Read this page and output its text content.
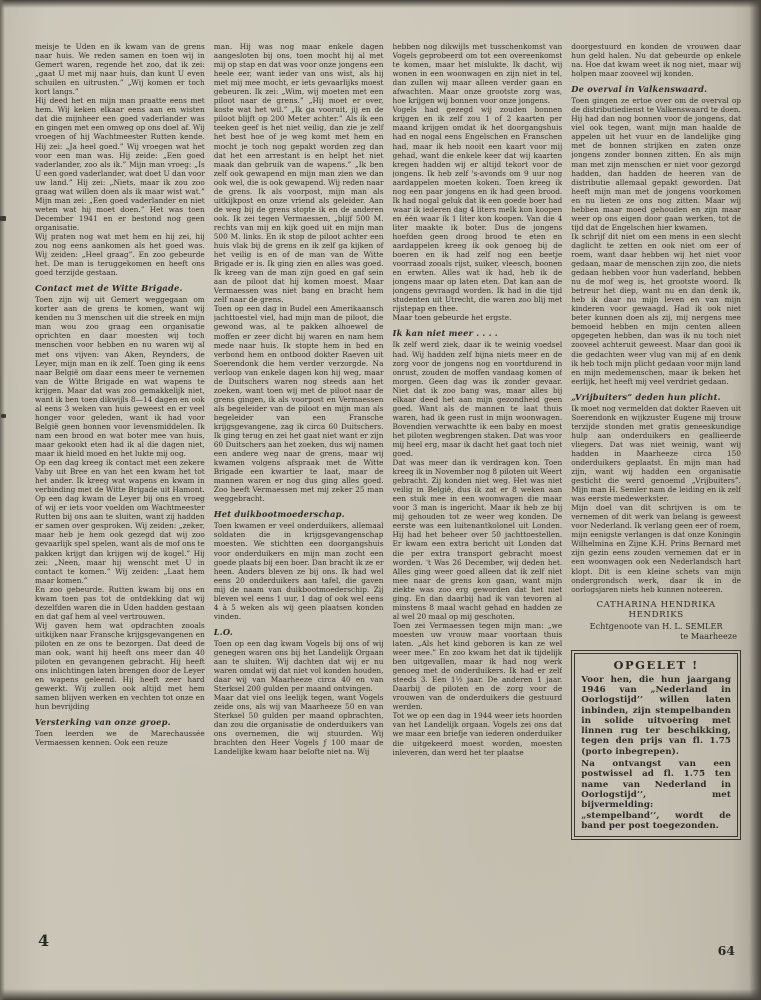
meisje te Uden en ik kwam van de grens naar huis. We reden samen en toen wij in Gemert waren, regende het zoo, dat ik zei: „gaat U met mij naar huis, dan kunt U even schuilen en uitrusten.” „Wij komen er toch kort langs.”

Hij deed het en mijn man praatte eens met hem. Wij keken elkaar eens aan en wisten dat die mijnheer een goed vaderlander was en gingen met een omweg op ons doel af. Wij vroegen of hij Wachtmeester Rutten kende. Hij zei: „Ja heel goed.” Wij vroegen wat het voor een man was. Hij zeide: „Een goed vaderlander, zoo als ik.” Mijn man vroeg: „Is U een goed vaderlander, wat doet U dan voor uw land.” Hij zei: „Niets, maar ik zou zoo graag wat willen doen als ik maar wist wat.” Mijn man zei: „Een goed vaderlander en niet weten wat hij moet doen.” Het was toen December 1941 en er bestond nog geen organisatie.

Wij praten nog wat met hem en hij zei, hij zou nog eens aankomen als het goed was. Wij zeiden: „Heel graag”. En zoo gebeurde het. De man is teruggekomen en heeft ons goed terzijde gestaan.

Contact met de Witte Brigade.

Toen zijn wij uit Gemert weggegaan om korter aan de grens te komen, want wij kenden nu 3 menschen uit die streek en mijn man wou zoo graag een organisatie oprichten en daar moesten wij toch menschen voor hebben en nu waren wij al met ons vijven: van Aken, Reynders, de Leyer, mijn man en ik zelf. Toen ging ik eens naar België om daar eens meer te vernemen van de Witte Brigade en wat wapens te krijgen. Maar dat was zoo gemakkelijk niet, want ik ben toen dikwijls 8—14 dagen en ook al eens 3 weken van huis geweest en er veel honger voor geleden, want ik had voor België geen bonnen voor levensmiddelen. Ik nam een brood en wat boter mee van huis, maar gekookt eten had ik al die dagen niet, maar ik hield moed en het lukte mij oog.

Op een dag kreeg ik contact met een zekere Vaby uit Bree en van het een kwam het tot het ander. Ik kreeg wat wapens en kwam in verbinding met de Witte Brigade uit Hamont. Op een dag kwam de Leyer bij ons en vroeg of wij er iets voor voelden om Wachtmeester Rutten bij ons aan te sluiten, want zij hadden er samen over gesproken. Wij zeiden: „zeker, maar heb je hem ook gezegd dat wij zoo gevaarlijk spel spelen, want als de mof ons te pakken krijgt dan krijgen wij de kogel.” Hij zei: „Neen, maar hij wenscht met U in contact te komen.” Wij zeiden: „Laat hem maar komen.”

En zoo gebeurde. Rutten kwam bij ons en kwam toen pas tot de ontdekking dat wij dezelfden waren die in Uden hadden gestaan en dat gaf hem al veel vertrouwen.

Wij gaven hem wat opdrachten zooals uitkijken naar Fransche krijgsgevangenen en piloten en ze ons te bezorgen. Dat deed de man ook, want hij heeft ons meer dan 40 piloten en gevangenen gebracht. Hij heeft ons inlichtingen laten brengen door de Leyer en wapens geleend. Hij heeft zeer hard gewerkt. Wij zullen ook altijd met hem samen blijven werken en vechten tot onze en hun bevrijding

Versterking van onze groep.

Toen leerden we de Marechaussée Vermaessen kennen. Ook een reuze

man. Hij was nog maar enkele dagen aangesloten bij ons, toen mocht hij al met mij op stap en dat was voor onze jongens een heele eer, want ieder van ons wist, als hij met mij mee mocht, er iets gevaarlijks moest gebeuren. Ik zei: „Wim, wij moeten met een piloot naar de grens.” „Hij moet er over, koste wat het wil.” „Ik ga vooruit, jij en de piloot blijft op 200 Meter achter.” Als ik een teeken geef is het niet veilig, dan zie je zelf het best hoe of je weg komt met hem en mocht je toch nog gepakt worden zeg dan dat het een arrestant is en helpt het niet maak dan gebruik van de wapens.” „Ik ben zelf ook gewapend en mijn man zien we dan ook wel, die is ook gewapend. Wij reden naar de grens. Ik als voorpost, mijn man als uitkijkpost en onze vriend als geleider. Aan de weg bij de grens stopte ik en de anderen ook. Ik zei tegen Vermaessen, „blijf 500 M. rechts van mij en kijk goed uit en mijn man 500 M. links. En ik stop de piloot achter een huis vlak bij de grens en ik zelf ga kijken of het veilig is en of de man van de Witte Brigade er is. Ik ging zien en alles was goed. Ik kreeg van de man zijn goed en gaf sein aan de piloot dat hij komen moest. Maar Vermaessen was niet bang en bracht hem zelf naar de grens.

Toen op een dag in Budel een Amerikaansch jachttoestel viel, had mijn man de piloot, die gewond was, al te pakken alhoewel de moffen er zeer dicht bij waren en nam hem mede naar huis. Ik stopte hem in bed en verbond hem en ontbood dokter Raeven uit Soerendonk die hem verder verzorgde. Na verloop van enkele dagen kon hij weg, maar de Duitschers waren nog steeds aan het zoeken, want toen wij met de piloot naar de grens gingen, ik als voorpost en Vermaessen als begeleider van de piloot en mijn man als begeleider van een Fransche krijgsgevangene, zag ik circa 60 Duitschers. Ik ging terug en zei het gaat niet want er zijn 60 Duitschers aan het zoeken, dus wij namen een andere weg naar de grens, maar wij kwamen volgens afspraak met de Witte Brigade een kwartier te laat, maar de mannen waren er nog dus ging alles goed. Zoo heeft Vermaessen met mij zeker 25 man weggebracht.

Het duikbootmoederschap.

Toen kwamen er veel onderduikers, allemaal soldaten die in krijgsgevangenschap moesten. We stichtten een doorgangshuis voor onderduikers en mijn man zocht een goede plaats bij een boer. Dan bracht ik ze er heen. Anders bleven ze bij ons. Ik had wel eens 20 onderduikers aan tafel, die gaven mij de naam van duikbootmoederschip. Zij bleven wel eens 1 uur, 1 dag of ook wel eens 4 à 5 weken als wij geen plaatsen konden vinden.

L.O.

Toen op een dag kwam Vogels bij ons of wij genegen waren ons bij het Landelijk Orgaan aan te sluiten. Wij dachten dat wij er nu waren omdat wij dat niet vol konden houden, daar wij van Maarheeze circa 40 en van Sterksel 200 gulden per maand ontvingen.

Maar dat viel ons leelijk tegen, want Vogels zeide ons, als wij van Maarheeze 50 en van Sterksel 50 gulden per maand opbrachten, dan zou die organisatie de onderduikers van ons overnemen, die wij stuurden. Wij brachten den Heer Vogels ƒ 100 maar de Landelijke kwam haar belofte niet na. Wij

hebben nog dikwijls met tusschenkomst van Vogels geprobeerd om tot een overeenkomst te komen, maar het mislukte. Ik dacht, wij wonen in een woonwagen en zijn niet in tel, dan zullen wij maar alleen verder gaan en afwachten. Maar onze grootste zorg was, hoe krijgen wij bonnen voor onze jongens.

Vogels had gezegd wij zouden bonnen krijgen en ik zelf zou 1 of 2 kaarten per maand krijgen omdat ik het doorgangshuis had en nogal eens Engelschen en Franschen had, maar ik heb nooit een kaart voor mij gehad, want die enkele keer dat wij kaarten kregen hadden wij er altijd tekort voor de jongens. Ik heb zelf 's-avonds om 9 uur nog aardappelen moeten koken. Toen kreeg ik nog een paar jongens en ik had geen brood. Ik had nogal geluk dat ik een goede boer had waar ik iederen dag 4 liters melk kon koopen en één waar ik 1 liter kon koopen. Van die 4 liter maakte ik boter. Dus de jongens hoefden geen droog brood te eten en aardappelen kreeg ik ook genoeg bij de boeren en ik had zelf nog een beetje voorraad zooals rijst, suiker, vleesch, boonen en erwten. Alles wat ik had, heb ik de jongens maar op laten eten. Dat kan aan de jongens gevraagd worden. Ik had in die tijd studenten uit Utrecht, die waren zoo blij met rijstepap en thee.

Maar toen gebeurde het ergste.

Ik kan niet meer . . . .

Ik zelf werd ziek, daar ik te weinig voedsel had. Wij hadden zelf bijna niets meer en de zorg voor de jongens nog en voortdurend in onrust, zouden de moffen vandaag komen of morgen. Geen dag was ik zonder gevaar. Niet dat ik zoo bang was, maar alles bij elkaar deed het aan mijn gezondheid geen goed. Want als de mannen te laat thuis waren, had ik geen rust in mijn woonwagen. Bovendien verwachtte ik een baby en moest het piloten wegbrengen staken. Dat was voor mij heel erg, maar ik dacht het gaat toch niet goed.

Dat was meer dan ik verdragen kon. Toen kreeg ik in November nog 8 piloten uit Weert gebracht. Zij konden niet weg. Het was niet veilig in België, dus ik zat er 8 weken aan een stuk mee in een woonwagen die maar voor 3 man is ingericht. Maar ik heb ze bij mij gehouden tot ze weer weg konden. De eerste was een luitenantkolonel uit Londen. Hij had het beheer over 50 jachttoestellen. Er kwam een extra bericht uit Londen dat die per extra transport gebracht moest worden. 't Was 26 December, wij deden het. Alles ging weer goed alleen dat ik zelf niet mee naar de grens kon gaan, want mijn ziekte was zoo erg geworden dat het niet ging. En dan daarbij had ik van tevoren al minstens 8 maal wacht gehad en hadden ze al wel 20 maal op mij geschoten.

Toen zei Vermaessen tegen mijn man: „we moesten uw vrouw maar voortaan thuis laten. „Als het kind geboren is kan ze wel weer mee.” En zoo kwam het dat ik tijdelijk ben uitgevallen, maar ik had nog werk genoeg met de onderduikers. Ik had er zelf steeds 3. Een 1½ jaar. De anderen 1 jaar. Daarbij de piloten en de zorg voor de vrouwen van de onderduikers die gestuurd werden.

Tot we op een dag in 1944 weer iets hoorden van het Landelijk orgaan. Vogels zei ons dat we maar een briefje van iederen onderduiker die uitgekeerd moest worden, moesten inleveren, dan werd het ter plaatse

doorgestuurd en konden de vrouwen daar hun geld halen. Nu dat gebeurde op enkele na. Hoe dat kwam weet ik nog niet, maar wij holpen maar zooveel wij konden.

De overval in Valkenswaard.

Toen gingen ze ertoe over om de overval op de distributiedienst te Valkenswaard te doen. Hij had dan nog bonnen voor de jongens, dat viel ook tegen, want mijn man haalde de appelen uit het vuur en de landelijke ging met de bonnen strijken en zaten onze jongens zonder bonnen zitten. En als mijn man met zijn menschen er niet voor gezorgd hadden, dan hadden de heeren van de distributie allemaal gepakt geworden. Dat heeft mijn man met de jongens voorkomen en nu lieten ze ons nog zitten. Maar wij hebben maar moed gehouden en zijn maar weer op ons eigen door gaan werken, tot de tijd dat de Engelschen hier kwamen.

Ik schrijf dit niet om een mens in een slecht daglicht te zetten en ook niet om eer of roem, want daar hebben wij het niet voor gedaan, maar de menschen zijn zoo, die niets gedaan hebben voor hun vaderland, hebben nu de mof weg is, het grootste woord. Ik betreur het diep, want nu en dan denk ik, heb ik daar nu mijn leven en van mijn kinderen voor gewaagd. Had ik ook niet beter kunnen doen als zij, mij nergens mee bemoeid hebben en mijn centen alleen opgegeten hebben, dan was ik nu toch niet zooveel achteruit geweest. Maar dan gooi ik die gedachten weer vlug van mij af en denk ik heb toch mijn plicht gedaan voor mijn land en mijn medemenschen, maar ik beken het eerlijk, het heeft mij veel verdriet gedaan.

„Vrijbuiters” deden hun plicht.

Ik moet nog vermelden dat dokter Raeven uit Soerendonk en wijkzuster Eugene mij trouw terzijde stonden met gratis geneeskundige hulp aan onderduikers en geallieerde vliegers. Dat was niet weinig, want wij hadden in Maarheeze circa 150 onderduikers geplaatst. En mijn man had zijn, want wij hadden een organisatie gesticht die werd genoemd „Vrijbuiters”. Mijn man H. Semler nam de leiding en ik zelf was eerste medewerkster.

Mijn doel van dit schrijven is om te vernemen of dit werk van belang is geweest voor Nederland. Ik verlang geen eer of roem, mijn eenigste verlangen is dat onze Koningin Wilhelmina en Zijne K.H. Prins Bernard met zijn gezin eens zouden vernemen dat er in een woonwagen ook een Nederlandsch hart klopt. Dit is een kleine schets van mijn ondergrondsch werk, daar ik in de oorlogsjaren niets heb kunnen noteeren.

CATHARINA HENDRIKA HENDRIKS

Echtgenoote van H. L. SEMLER

te Maarheeze

OPGELET !

Voor hen, die hun jaargang 1946 van „Nederland in Oorlogstijd’’ willen laten inbinden, zijn stempelbanden in solide uitvoering met linnen rug ter beschikking, tegen den prijs van fl. 1.75 (porto inbegrepen).

Na ontvangst van een postwissel ad fl. 1.75 ten name van Nederland in Oorlogstijd’’, met bijvermelding: „stempelband’’, wordt de band per post toegezonden.

4
64
